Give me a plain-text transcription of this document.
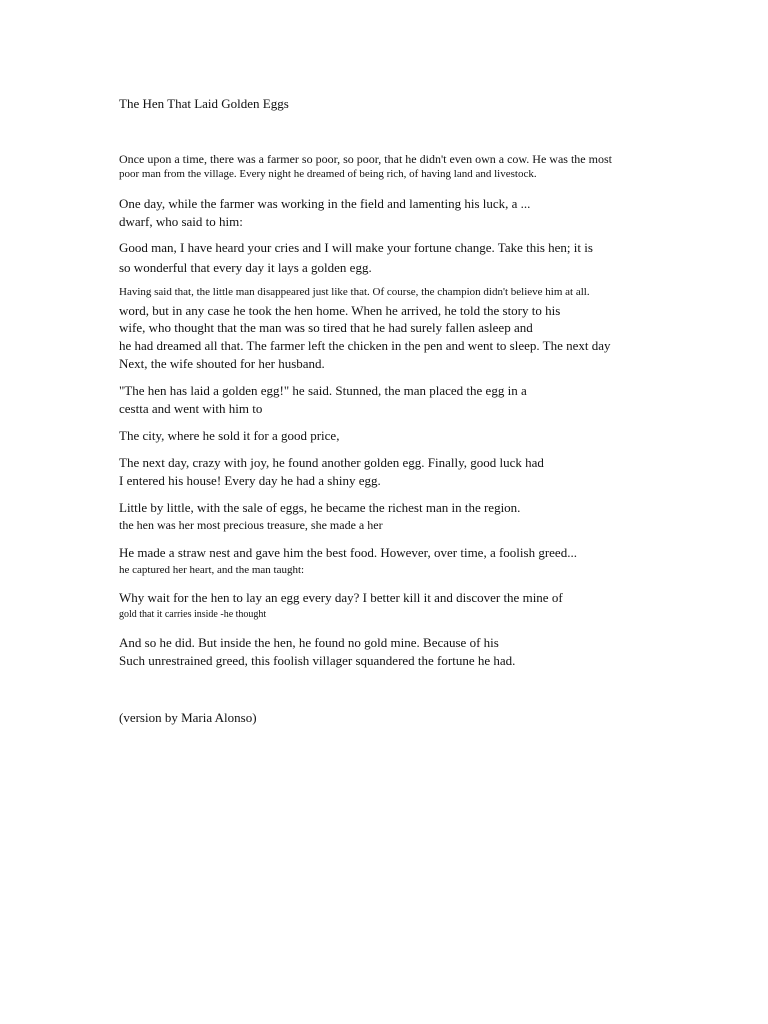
The Hen That Laid Golden Eggs
Once upon a time, there was a farmer so poor, so poor, that he didn't even own a cow. He was the most
poor man from the village. Every night he dreamed of being rich, of having land and livestock.
One day, while the farmer was working in the field and lamenting his luck, a ...
dwarf, who said to him:
Good man, I have heard your cries and I will make your fortune change. Take this hen; it is
so wonderful that every day it lays a golden egg.
Having said that, the little man disappeared just like that. Of course, the champion didn't believe him at all.
word, but in any case he took the hen home. When he arrived, he told the story to his
wife, who thought that the man was so tired that he had surely fallen asleep and
he had dreamed all that. The farmer left the chicken in the pen and went to sleep. The next day
Next, the wife shouted for her husband.
"The hen has laid a golden egg!" he said. Stunned, the man placed the egg in a
cestta and went with him to
The city, where he sold it for a good price,
The next day, crazy with joy, he found another golden egg. Finally, good luck had
I entered his house! Every day he had a shiny egg.
Little by little, with the sale of eggs, he became the richest man in the region.
the hen was her most precious treasure, she made a her
He made a straw nest and gave him the best food. However, over time, a foolish greed...
he captured her heart, and the man taught:
Why wait for the hen to lay an egg every day? I better kill it and discover the mine of
gold that it carries inside -he thought
And so he did. But inside the hen, he found no gold mine. Because of his
Such unrestrained greed, this foolish villager squandered the fortune he had.
(version by Maria Alonso)
